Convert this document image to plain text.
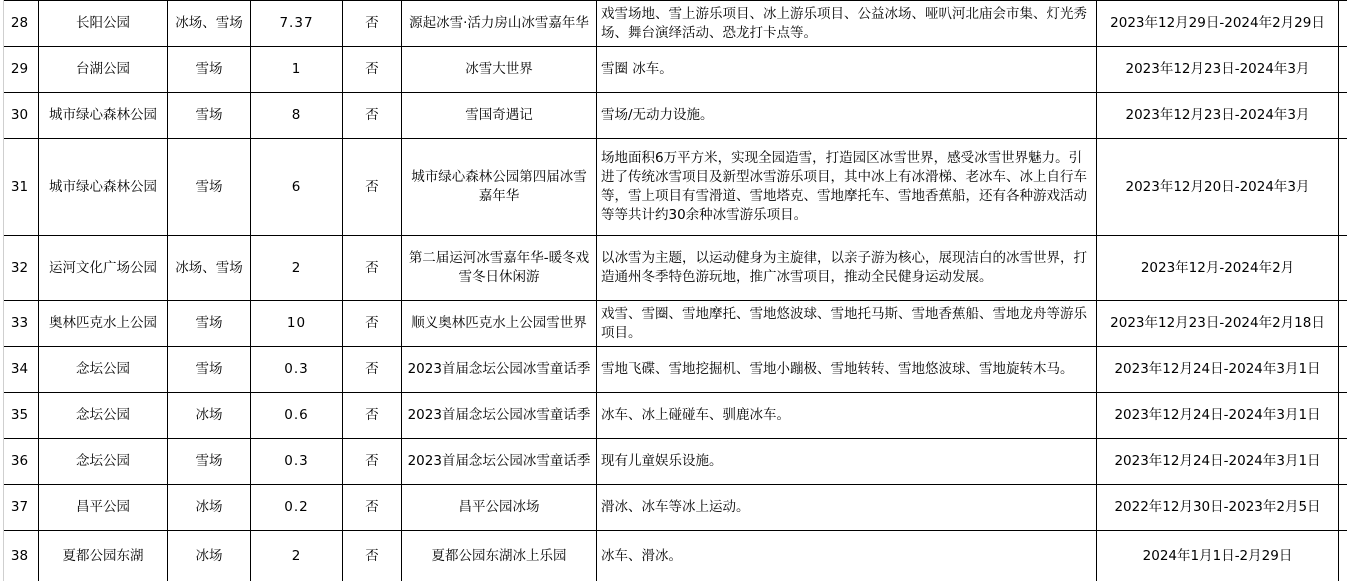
28	长阳公园	冰场、雪场	7.37	否	源起冰雪·活力房山冰雪嘉年华	戏雪场地、雪上游乐项目、冰上游乐项目、公益冰场、哑叭河北庙会市集、灯光秀场、舞台演绎活动、恐龙打卡点等。	2023年12月29日-2024年2月29日	
29	台湖公园	雪场	1	否	冰雪大世界	雪圈 冰车。	2023年12月23日-2024年3月	
30	城市绿心森林公园	雪场	8	否	雪国奇遇记	雪场/无动力设施。	2023年12月23日-2024年3月	
31	城市绿心森林公园	雪场	6	否	城市绿心森林公园第四届冰雪嘉年华	场地面积6万平方米，实现全园造雪，打造园区冰雪世界，感受冰雪世界魅力。引进了传统冰雪项目及新型冰雪游乐项目，其中冰上有冰滑梯、老冰车、冰上自行车等，雪上项目有雪滑道、雪地塔克、雪地摩托车、雪地香蕉船，还有各种游戏活动等等共计约30余种冰雪游乐项目。	2023年12月20日-2024年3月	
32	运河文化广场公园	冰场、雪场	2	否	第二届运河冰雪嘉年华-暖冬戏雪冬日休闲游	以冰雪为主题，以运动健身为主旋律，以亲子游为核心，展现洁白的冰雪世界，打造通州冬季特色游玩地，推广冰雪项目，推动全民健身运动发展。	2023年12月-2024年2月	
33	奥林匹克水上公园	雪场	10	否	顺义奥林匹克水上公园雪世界	戏雪、雪圈、雪地摩托、雪地悠波球、雪地托马斯、雪地香蕉船、雪地龙舟等游乐项目。	2023年12月23日-2024年2月18日	
34	念坛公园	雪场	0.3	否	2023首届念坛公园冰雪童话季	雪地飞碟、雪地挖掘机、雪地小蹦极、雪地转转、雪地悠波球、雪地旋转木马。	2023年12月24日-2024年3月1日	
35	念坛公园	冰场	0.6	否	2023首届念坛公园冰雪童话季	冰车、冰上碰碰车、驯鹿冰车。	2023年12月24日-2024年3月1日	
36	念坛公园	雪场	0.3	否	2023首届念坛公园冰雪童话季	现有儿童娱乐设施。	2023年12月24日-2024年3月1日	
37	昌平公园	冰场	0.2	否	昌平公园冰场	滑冰、冰车等冰上运动。	2022年12月30日-2023年2月5日	
38	夏都公园东湖	冰场	2	否	夏都公园东湖冰上乐园	冰车、滑冰。	2024年1月1日-2月29日	
